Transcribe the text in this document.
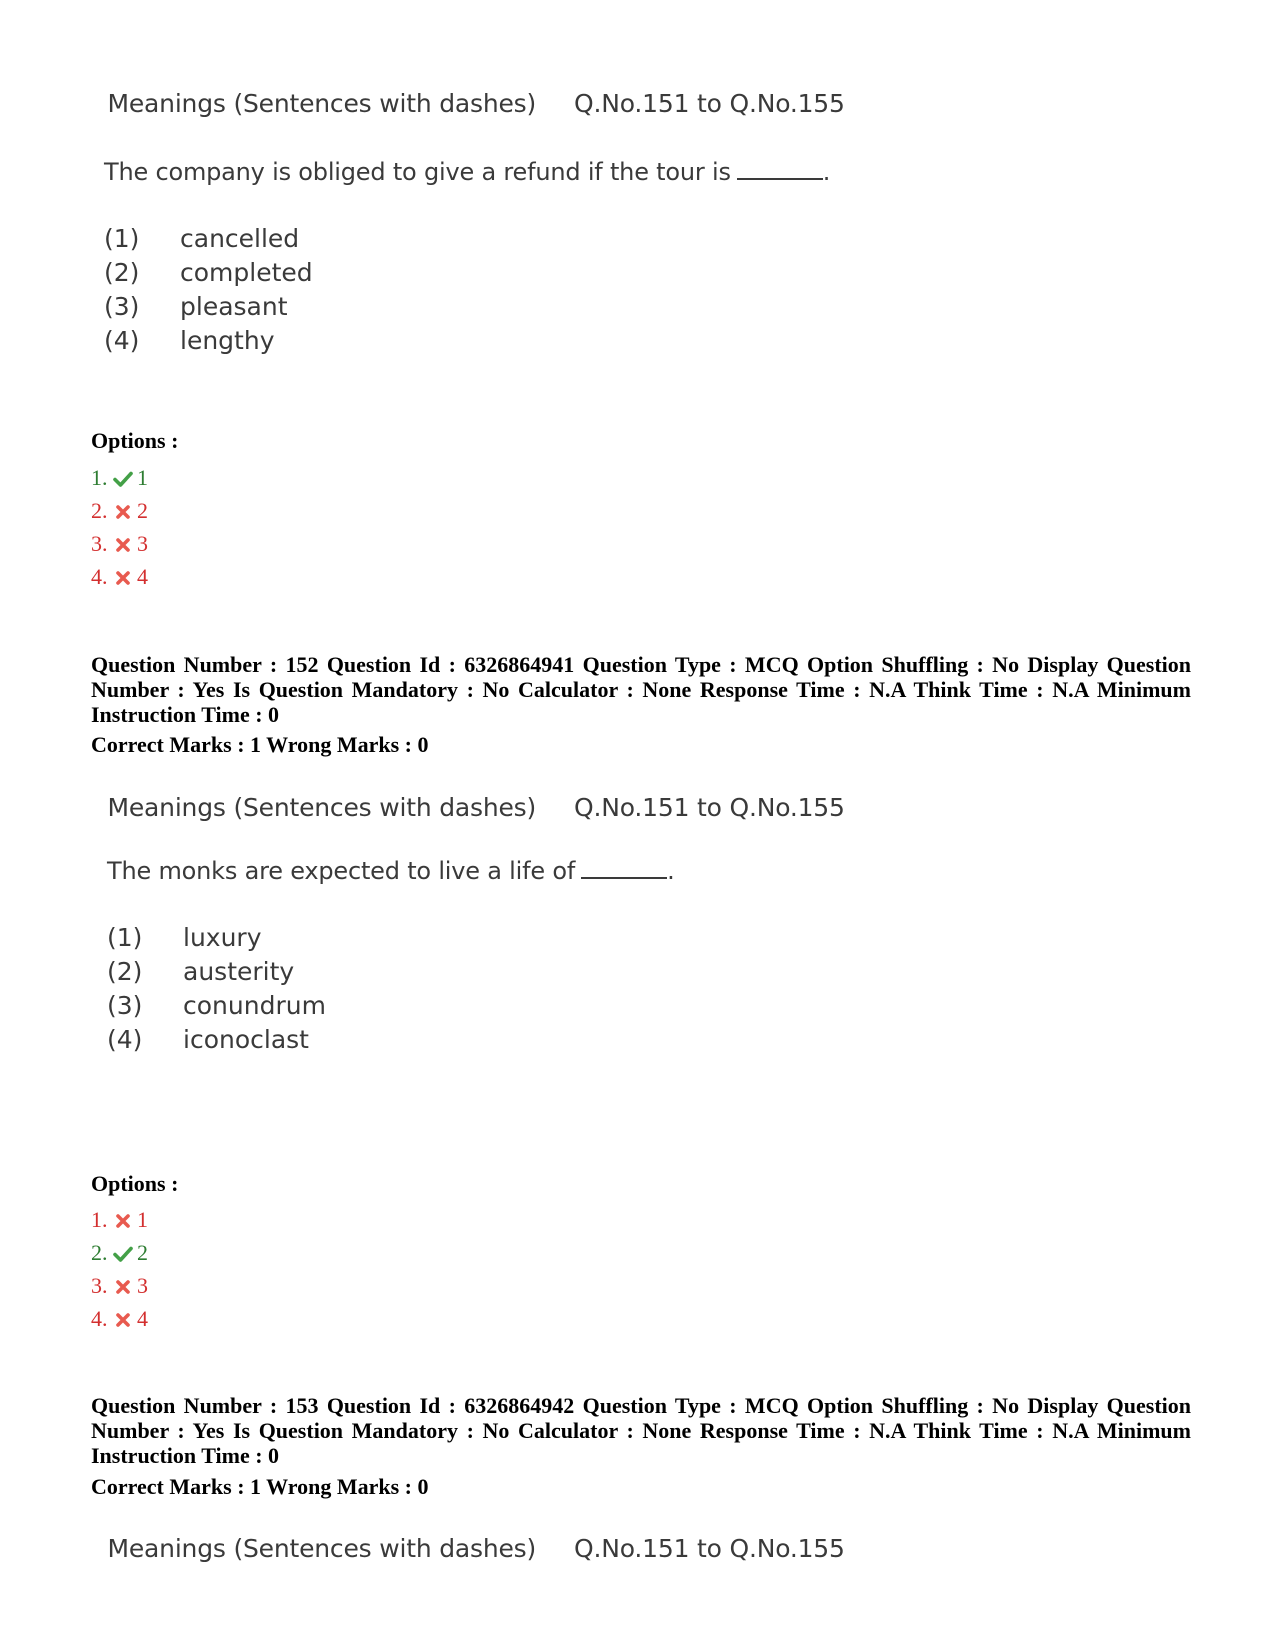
Meanings (Sentences with dashes) Q.No.151 to Q.No.155

The company is obliged to give a refund if the tour is	.
(1) cancelled
(2) completed
(3) pleasant
(4) lengthy
Options :
1. 1
2. 2
3. 3
4. 4
Question Number : 152 Question Id : 6326864941 Question Type : MCQ Option Shuffling : No Display Question Number : Yes Is Question Mandatory : No Calculator : None Response Time : N.A Think Time : N.A Minimum Instruction Time : 0
Correct Marks : 1 Wrong Marks : 0

Meanings (Sentences with dashes) Q.No.151 to Q.No.155

The monks are expected to live a life of	.
(1) luxury
(2) austerity
(3) conundrum
(4) iconoclast
Options :
1. 1
2. 2
3. 3
4. 4
Question Number : 153 Question Id : 6326864942 Question Type : MCQ Option Shuffling : No Display Question Number : Yes Is Question Mandatory : No Calculator : None Response Time : N.A Think Time : N.A Minimum Instruction Time : 0
Correct Marks : 1 Wrong Marks : 0

Meanings (Sentences with dashes) Q.No.151 to Q.No.155
